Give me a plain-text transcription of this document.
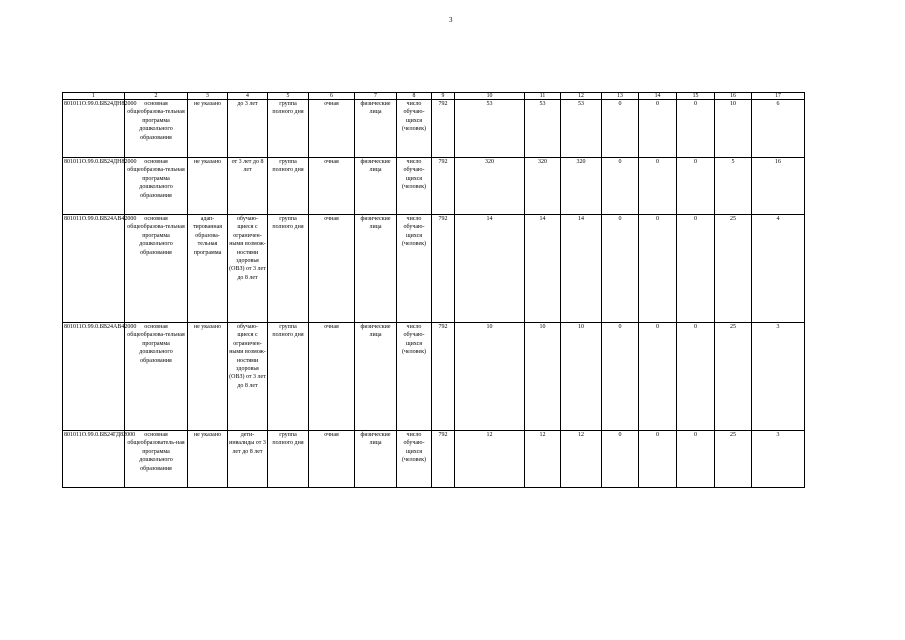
3
1	2	3	4	5	6	7	8	9	10	11	12	13	14	15	16	17
801011О.99.0.БВ24ДН82000	основная общеобразова-тельная программа дошкольного образования	не указано	до 3 лет	группа полного дня	очная	физические лица	число обучаю-щихся (человек)	792	53	53	53	0	0	0	10	6
801011О.99.0.БВ24ДН82000	основная общеобразова-тельная программа дошкольного образования	не указано	от 3 лет до 8 лет	группа полного дня	очная	физические лица	число обучаю-щихся (человек)	792	320	320	320	0	0	0	5	16
801011О.99.0.БВ24АВ42000	основная общеобразова-тельная программа дошкольного образования	адап-тированная образова-тельная программа	обучаю-щиеся с ограничен-ными возмож-ностями здоровья (ОВЗ) от 3 лет до 8 лет	группа полного дня	очная	физические лица	число обучаю-щихся (человек)	792	14	14	14	0	0	0	25	4
801011О.99.0.БВ24АВ42000	основная общеобразова-тельная программа дошкольного образования	не указано	обучаю-щиеся с ограничен-ными возмож-ностями здоровья (ОВЗ) от 3 лет до 8 лет	группа полного дня	очная	физические лица	число обучаю-щихся (человек)	792	10	10	10	0	0	0	25	3
801011О.99.0.БВ24ГД82000	основная общеобразователь-ная программа дошкольного образования	не указано	дети-инвалиды от 3 лет до 8 лет	группа полного дня	очная	физические лица	число обучаю-щихся (человек)	792	12	12	12	0	0	0	25	3
